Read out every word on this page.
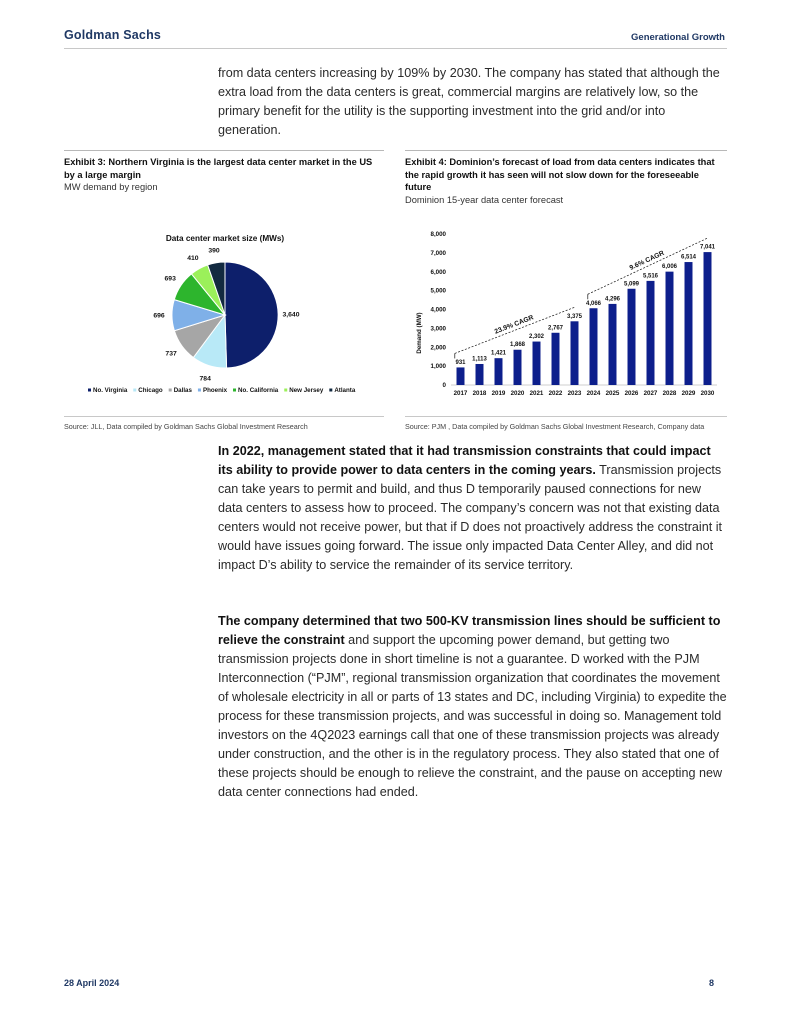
Goldman Sachs	Generational Growth

from data centers increasing by 109% by 2030. The company has stated that although the extra load from the data centers is great, commercial margins are relatively low, so the primary benefit for the utility is the supporting investment into the grid and/or into generation.

Exhibit 3: Northern Virginia is the largest data center market in the US by a large margin
MW demand by region
Data center market size (MWs)
3,640
784
737
696
693
410
390
No. Virginia Chicago Dallas Phoenix No. California New Jersey Atlanta
Source: JLL, Data compiled by Goldman Sachs Global Investment Research
Exhibit 4: Dominion’s forecast of load from data centers indicates that the rapid growth it has seen will not slow down for the foreseeable future
Dominion 15-year data center forecast
0
1,000
2,000
3,000
4,000
5,000
6,000
7,000
8,000
931
2017
1,113
2018
1,421
2019
1,868
2020
2,302
2021
2,767
2022
3,375
2023
4,066
2024
4,296
2025
5,099
2026
5,516
2027
6,006
2028
6,514
2029
7,041
2030
23.9% CAGR
9.6% CAGR
Demand (MW)
Source: PJM , Data compiled by Goldman Sachs Global Investment Research, Company data

In 2022, management stated that it had transmission constraints that could impact its ability to provide power to data centers in the coming years. Transmission projects can take years to permit and build, and thus D temporarily paused connections for new data centers to assess how to proceed. The company’s concern was not that existing data centers would not receive power, but that if D does not proactively address the constraint it would have issues going forward. The issue only impacted Data Center Alley, and did not impact D’s ability to service the remainder of its service territory.

The company determined that two 500-KV transmission lines should be sufficient to relieve the constraint and support the upcoming power demand, but getting two transmission projects done in short timeline is not a guarantee. D worked with the PJM Interconnection (“PJM”, regional transmission organization that coordinates the movement of wholesale electricity in all or parts of 13 states and DC, including Virginia) to expedite the process for these transmission projects, and was successful in doing so. Management told investors on the 4Q2023 earnings call that one of these transmission projects was already under construction, and the other is in the regulatory process. They also stated that one of these projects should be enough to relieve the constraint, and the pause on accepting new data center connections had ended.

28 April 2024	8
